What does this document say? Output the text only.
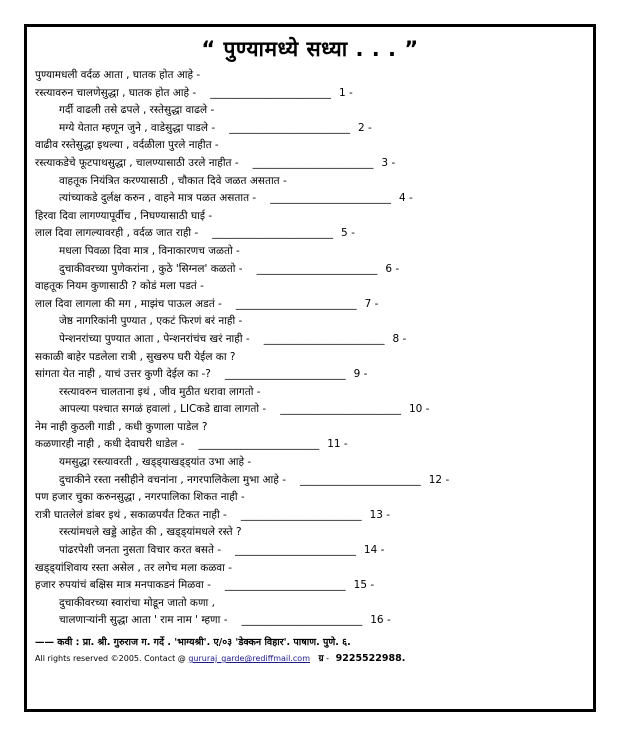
“ पुण्यामध्ये सध्या . . . ”
पुण्यामधली वर्दळ आता , घातक होत आहे -
रस्त्यावरुन चालणेसुद्धा , घातक होत आहे - _______________________ 1 -
गर्दी वाढली तसे ढपले , रस्तेसुद्धा वाढले -
मग्ये येतात म्हणून जुने , वाडेसुद्धा पाडले - _______________________ 2 -
वाढीव रस्तेसुद्धा इथल्या , वर्दळीला पुरले नाहीत -
रस्त्याकडेचे फूटपाथसुद्धा , चालण्यासाठी उरले नाहीत - _______________________ 3 -
वाहतूक नियंत्रित करण्यासाठी , चौकात दिवे जळत असतात -
त्यांच्याकडे दुर्लक्ष करुन , वाहने मात्र पळत असतात - _______________________ 4 -
हिरवा दिवा लागण्यापूर्वीच , निघण्यासाठी घाई -
लाल दिवा लागल्यावरही , वर्दळ जात राही - _______________________ 5 -
मधला पिवळा दिवा मात्र , विनाकारणच जळतो -
दुचाकीवरच्या पुणेकरांना , कुठे 'सिग्नल' कळतो - _______________________ 6 -
वाहतूक नियम कुणासाठी ? कोडं मला पडतं -
लाल दिवा लागला की मग , माझंच पाऊल अडतं - _______________________ 7 -
जेष्ठ नागरिकांनी पुण्यात , एकटं फिरणं बरं नाही -
पेन्शनरांच्या पुण्यात आता , पेन्शनरांचंच खरं नाही - _______________________ 8 -
सकाळी बाहेर पडलेला रात्री , सुखरुप घरी येईल का ?
सांगता येत नाही , याचं उत्तर कुणी देईल का -? _______________________ 9 -
रस्त्यावरुन चालताना इथं , जीव मुठीत धरावा लागतो -
आपल्या पश्चात सगळं हवालां , LICकडे द्यावा लागतो - _______________________ 10 -
नेम नाही कुठली गाडी , कधी कुणाला पाडेल ?
कळणारही नाही , कधी देवाघरी धाडेल - _______________________ 11 -
यमसुद्धा रस्त्यावरती , खड्ड्याखड्ड्यांत उभा आहे -
दुचाकीने रस्ता नसीहीने वचनांना , नगरपालिकेला मुभा आहे - _______________________ 12 -
पण हजार चुका करुनसुद्धा , नगरपालिका शिकत नाही -
रात्री घातलेलं डांबर इथं , सकाळपर्यंत टिकत नाही - _______________________ 13 -
रस्त्यांमधले खड्डे आहेत की , खड्ड्यांमधले रस्ते ?
पांढरपेशी जनता नुसता विचार करत बसते - _______________________ 14 -
खड्ड्यांशिवाय रस्ता असेल , तर लगेच मला कळवा -
हजार रुपयांचं बक्षिस मात्र मनपाकडनं मिळवा - _______________________ 15 -
दुचाकीवरच्या स्वारांचा मोडून जातो कणा ,
चालणाऱ्यांनी सुद्धा आता ' राम नाम ' म्हणा - _______________________ 16 -
—— कवी : प्रा. श्री. गुरुराज ग. गर्दे . 'भाग्यश्री'. ए/०३ 'डेक्कन विहार'. पाषाण. पुणे. ६.
All rights reserved ©2005. Contact @ gururaj_garde@rediffmail.com ग्र - 9225522988.
